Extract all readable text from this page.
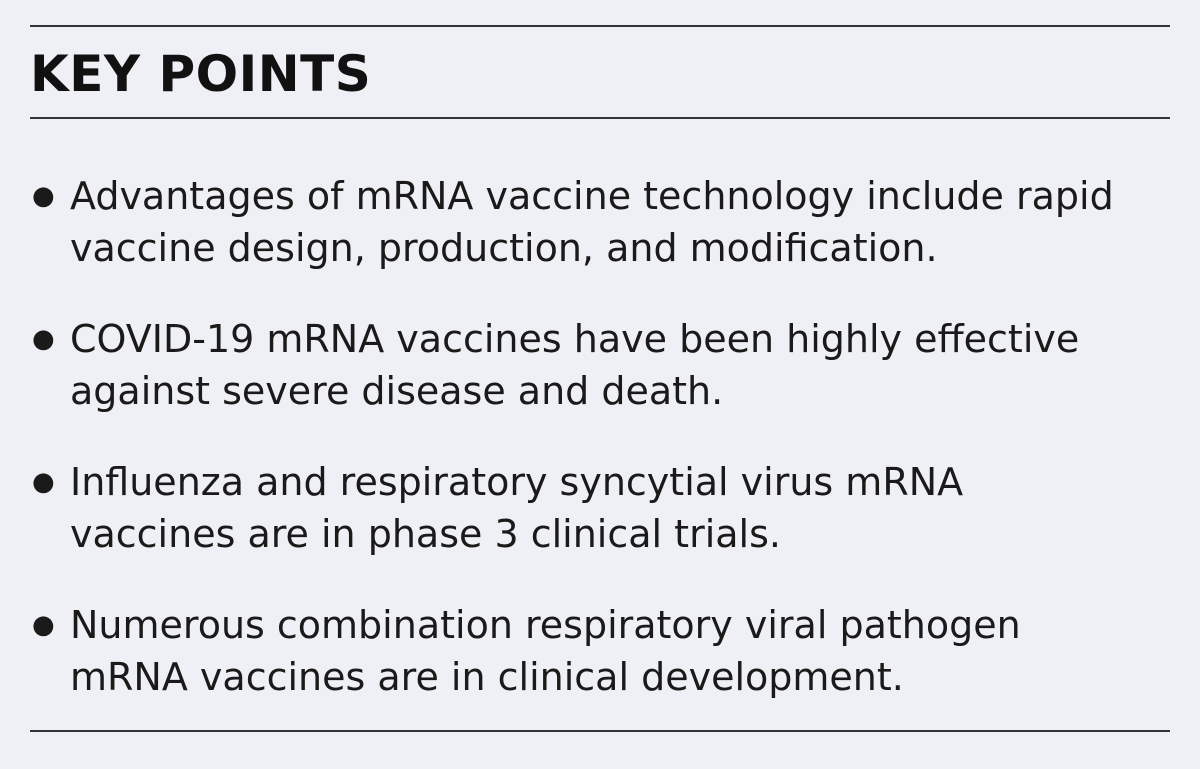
KEY POINTS
● Advantages of mRNA vaccine technology include rapid
vaccine design, production, and modification.
● COVID-19 mRNA vaccines have been highly effective
against severe disease and death.
● Influenza and respiratory syncytial virus mRNA
vaccines are in phase 3 clinical trials.
● Numerous combination respiratory viral pathogen
mRNA vaccines are in clinical development.
